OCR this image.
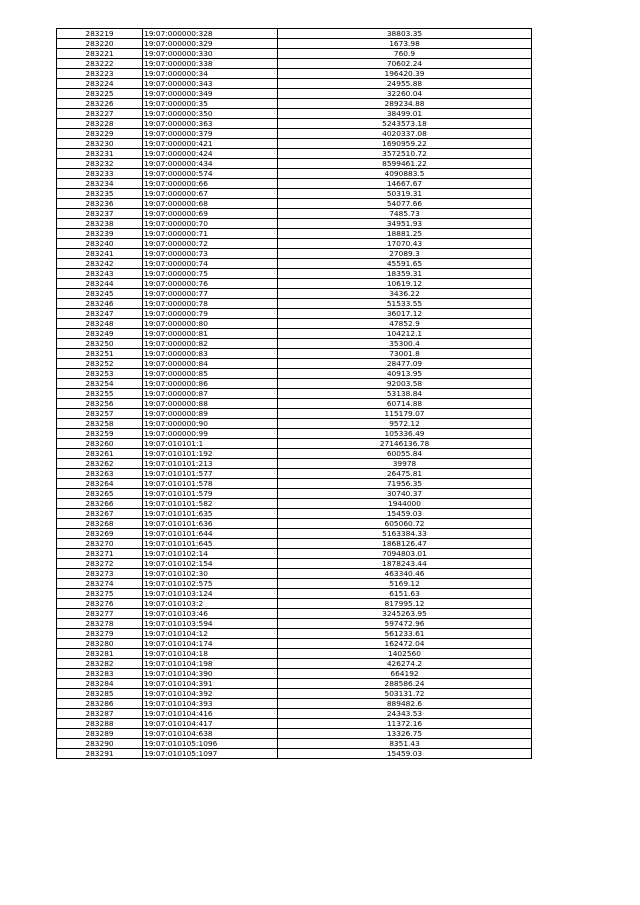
283219	19:07:000000:328	38803.35
283220	19:07:000000:329	1673.98
283221	19:07:000000:330	760.9
283222	19:07:000000:338	70602.24
283223	19:07:000000:34	196420.39
283224	19:07:000000:343	24955.88
283225	19:07:000000:349	32260.04
283226	19:07:000000:35	289234.88
283227	19:07:000000:350	38499.01
283228	19:07:000000:363	5243573.18
283229	19:07:000000:379	4020337.08
283230	19:07:000000:421	1690959.22
283231	19:07:000000:424	3572510.72
283232	19:07:000000:434	8599461.22
283233	19:07:000000:574	4090883.5
283234	19:07:000000:66	14667.67
283235	19:07:000000:67	50319.31
283236	19:07:000000:68	54077.66
283237	19:07:000000:69	7485.73
283238	19:07:000000:70	34951.93
283239	19:07:000000:71	18881.25
283240	19:07:000000:72	17070.43
283241	19:07:000000:73	27089.3
283242	19:07:000000:74	45591.65
283243	19:07:000000:75	18359.31
283244	19:07:000000:76	10619.12
283245	19:07:000000:77	3436.22
283246	19:07:000000:78	51533.55
283247	19:07:000000:79	36017.12
283248	19:07:000000:80	47852.9
283249	19:07:000000:81	104212.1
283250	19:07:000000:82	35300.4
283251	19:07:000000:83	73001.8
283252	19:07:000000:84	28477.09
283253	19:07:000000:85	40913.95
283254	19:07:000000:86	92003.58
283255	19:07:000000:87	53138.84
283256	19:07:000000:88	60714.88
283257	19:07:000000:89	115179.07
283258	19:07:000000:90	9572.12
283259	19:07:000000:99	105336.49
283260	19:07:010101:1	27146136.78
283261	19:07:010101:192	60055.84
283262	19:07:010101:213	39978
283263	19:07:010101:577	26475.81
283264	19:07:010101:578	71956.35
283265	19:07:010101:579	30740.37
283266	19:07:010101:582	1944000
283267	19:07:010101:635	15459.03
283268	19:07:010101:636	605060.72
283269	19:07:010101:644	5163384.33
283270	19:07:010101:645	1868126.47
283271	19:07:010102:14	7094803.01
283272	19:07:010102:154	1878243.44
283273	19:07:010102:30	463340.46
283274	19:07:010102:575	5169.12
283275	19:07:010103:124	6151.63
283276	19:07:010103:2	817995.12
283277	19:07:010103:46	3245263.95
283278	19:07:010103:594	597472.96
283279	19:07:010104:12	561233.61
283280	19:07:010104:174	162472.04
283281	19:07:010104:18	1402560
283282	19:07:010104:198	426274.2
283283	19:07:010104:390	664192
283284	19:07:010104:391	288586.24
283285	19:07:010104:392	503131.72
283286	19:07:010104:393	889482.6
283287	19:07:010104:416	24343.53
283288	19:07:010104:417	11372.16
283289	19:07:010104:638	13326.75
283290	19:07:010105:1096	8351.43
283291	19:07:010105:1097	15459.03
